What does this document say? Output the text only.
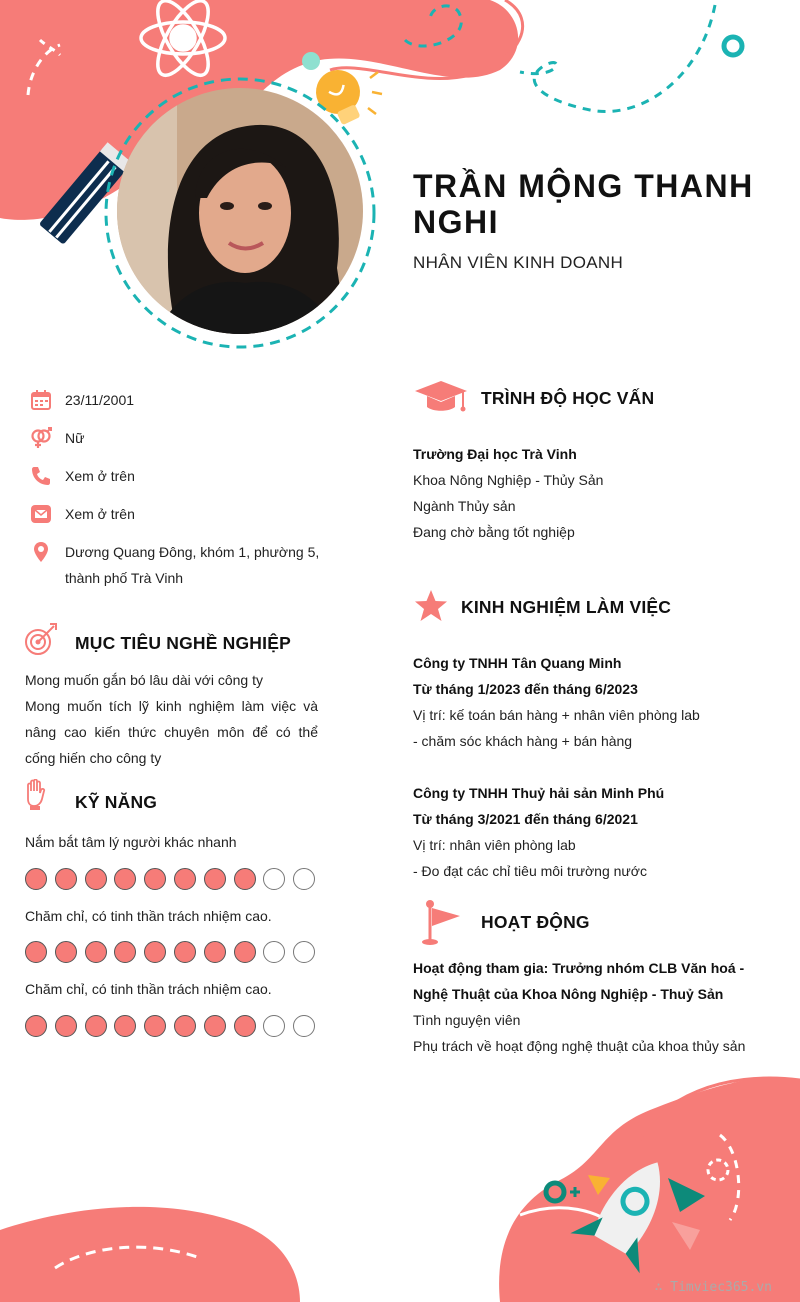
TRẦN MỘNG THANH NGHI
NHÂN VIÊN KINH DOANH
23/11/2001
Nữ
Xem ở trên
Xem ở trên
Dương Quang Đông, khóm 1, phường 5, thành phố Trà Vinh
MỤC TIÊU NGHỀ NGHIỆP

Mong muốn gắn bó lâu dài với công ty

Mong muốn tích lỹ kinh nghiệm làm việc và nâng cao kiến thức chuyên môn để có thể cống hiến cho công ty

KỸ NĂNG
Nắm bắt tâm lý người khác nhanh
Chăm chỉ, có tinh thần trách nhiệm cao.
Chăm chỉ, có tinh thần trách nhiệm cao.
TRÌNH ĐỘ HỌC VẤN

Trường Đại học Trà Vinh

Khoa Nông Nghiệp - Thủy Sản

Ngành Thủy sản

Đang chờ bằng tốt nghiệp

KINH NGHIỆM LÀM VIỆC

Công ty TNHH Tân Quang Minh

Từ tháng 1/2023 đến tháng 6/2023

Vị trí: kế toán bán hàng + nhân viên phòng lab

- chăm sóc khách hàng + bán hàng

Công ty TNHH Thuỷ hải sản Minh Phú

Từ tháng 3/2021 đến tháng 6/2021

Vị trí: nhân viên phòng lab

- Đo đạt các chỉ tiêu môi trường nước

HOẠT ĐỘNG

Hoạt động tham gia: Trưởng nhóm CLB Văn hoá - Nghệ Thuật của Khoa Nông Nghiệp - Thuỷ Sản

Tình nguyện viên

Phụ trách về hoạt động nghệ thuật của khoa thủy sản

∴ Timviec365.vn
